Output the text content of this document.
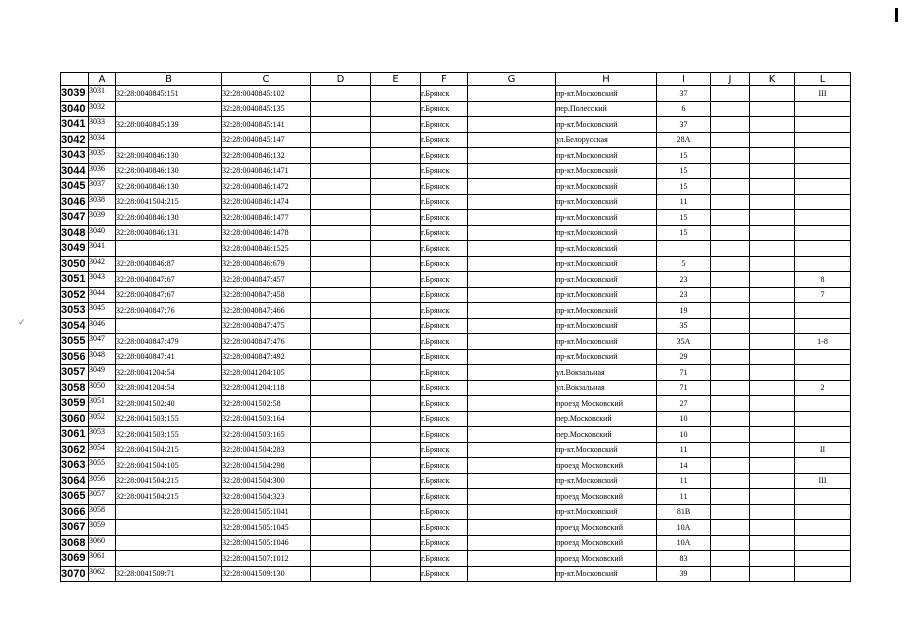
✓
	A	B	C	D	E	F	G	H	I	J	K	L
3039	3031	32:28:0040845:151	32:28:0040845:102			г.Брянск		пр-кт.Московский	37			III
3040	3032		32:28:0040845:135			г.Брянск		пер.Полесский	6			
3041	3033	32:28:0040845:139	32:28:0040845:141			г.Брянск		пр-кт.Московский	37			
3042	3034		32:28:0040845:147			г.Брянск		ул.Белорусская	28А			
3043	3035	32:28:0040846:130	32:28:0040846:132			г.Брянск		пр-кт.Московский	15			
3044	3036	32:28:0040846:130	32:28:0040846:1471			г.Брянск		пр-кт.Московский	15			
3045	3037	32:28:0040846:130	32:28:0040846:1472			г.Брянск		пр-кт.Московский	15			
3046	3038	32:28:0041504:215	32:28:0040846:1474			г.Брянск		пр-кт.Московский	11			
3047	3039	32:28:0040846:130	32:28:0040846:1477			г.Брянск		пр-кт.Московский	15			
3048	3040	32:28:0040846:131	32:28:0040846:1478			г.Брянск		пр-кт.Московский	15			
3049	3041		32:28:0040846:1525			г.Брянск		пр-кт.Московский				
3050	3042	32:28:0040846:87	32:28:0040846:679			г.Брянск		пр-кт.Московский	5			
3051	3043	32:28:0040847:67	32:28:0040847:457			г.Брянск		пр-кт.Московский	23			8
3052	3044	32:28:0040847:67	32:28:0040847:458			г.Брянск		пр-кт.Московский	23			7
3053	3045	32:28:0040847:76	32:28:0040847:466			г.Брянск		пр-кт.Московский	19			
3054	3046		32:28:0040847:475			г.Брянск		пр-кт.Московский	35			
3055	3047	32:28:0040847:479	32:28:0040847:476			г.Брянск		пр-кт.Московский	35А			1-8
3056	3048	32:28:0040847:41	32:28:0040847:492			г.Брянск		пр-кт.Московский	29			
3057	3049	32:28:0041204:54	32:28:0041204:105			г.Брянск		ул.Вокзальная	71			
3058	3050	32:28:0041204:54	32:28:0041204:118			г.Брянск		ул.Вокзальная	71			2
3059	3051	32:28:0041502:40	32:28:0041502:58			г.Брянск		проезд Московский	27			
3060	3052	32:28:0041503:155	32:28:0041503:164			г.Брянск		пер.Московский	10			
3061	3053	32:28:0041503:155	32:28:0041503:165			г.Брянск		пер.Московский	10			
3062	3054	32:28:0041504:215	32:28:0041504:283			г.Брянск		пр-кт.Московский	11			II
3063	3055	32:28:0041504:105	32:28:0041504:298			г.Брянск		проезд Московский	14			
3064	3056	32:28:0041504:215	32:28:0041504:300			г.Брянск		пр-кт.Московский	11			III
3065	3057	32:28:0041504:215	32:28:0041504:323			г.Брянск		проезд Московский	11			
3066	3058		32:28:0041505:1041			г.Брянск		пр-кт.Московский	81В			
3067	3059		32:28:0041505:1045			г.Брянск		проезд Московский	10А			
3068	3060		32:28:0041505:1046			г.Брянск		проезд Московский	10А			
3069	3061		32:28:0041507:1012			г.Брянск		проезд Московский	83			
3070	3062	32:28:0041509:71	32:28:0041509:130			г.Брянск		пр-кт.Московский	39			
